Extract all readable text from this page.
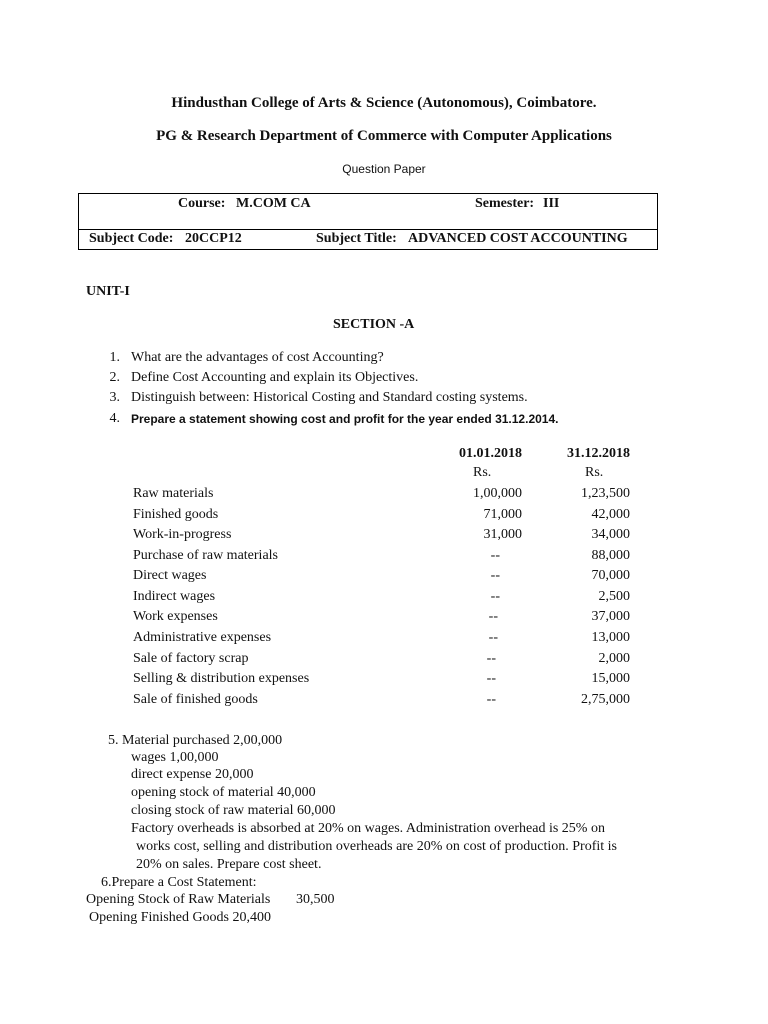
Hindusthan College of Arts & Science (Autonomous), Coimbatore.
PG & Research Department of Commerce with Computer Applications
Question Paper
Course: M.COM CA	Semester: III
Subject Code: 20CCP12	Subject Title: ADVANCED COST ACCOUNTING
UNIT-I
SECTION -A
1. What are the advantages of cost Accounting?
2. Define Cost Accounting and explain its Objectives.
3. Distinguish between: Historical Costing and Standard costing systems.
4. Prepare a statement showing cost and profit for the year ended 31.12.2014.
01.01.2018	31.12.2018
Rs.	Rs.
Raw materials	1,00,000	1,23,500
Finished goods	71,000	42,000
Work-in-progress	31,000	34,000
Purchase of raw materials	--	88,000
Direct wages	--	70,000
Indirect wages	--	2,500
Work expenses	--	37,000
Administrative expenses	--	13,000
Sale of factory scrap	--	2,000
Selling & distribution expenses	--	15,000
Sale of finished goods	--	2,75,000
5. Material purchased 2,00,000
wages 1,00,000
direct expense 20,000
opening stock of material 40,000
closing stock of raw material 60,000
Factory overheads is absorbed at 20% on wages. Administration overhead is 25% on
works cost, selling and distribution overheads are 20% on cost of production. Profit is
20% on sales. Prepare cost sheet.
6.Prepare a Cost Statement:
Opening Stock of Raw Materials 30,500
Opening Finished Goods 20,400
